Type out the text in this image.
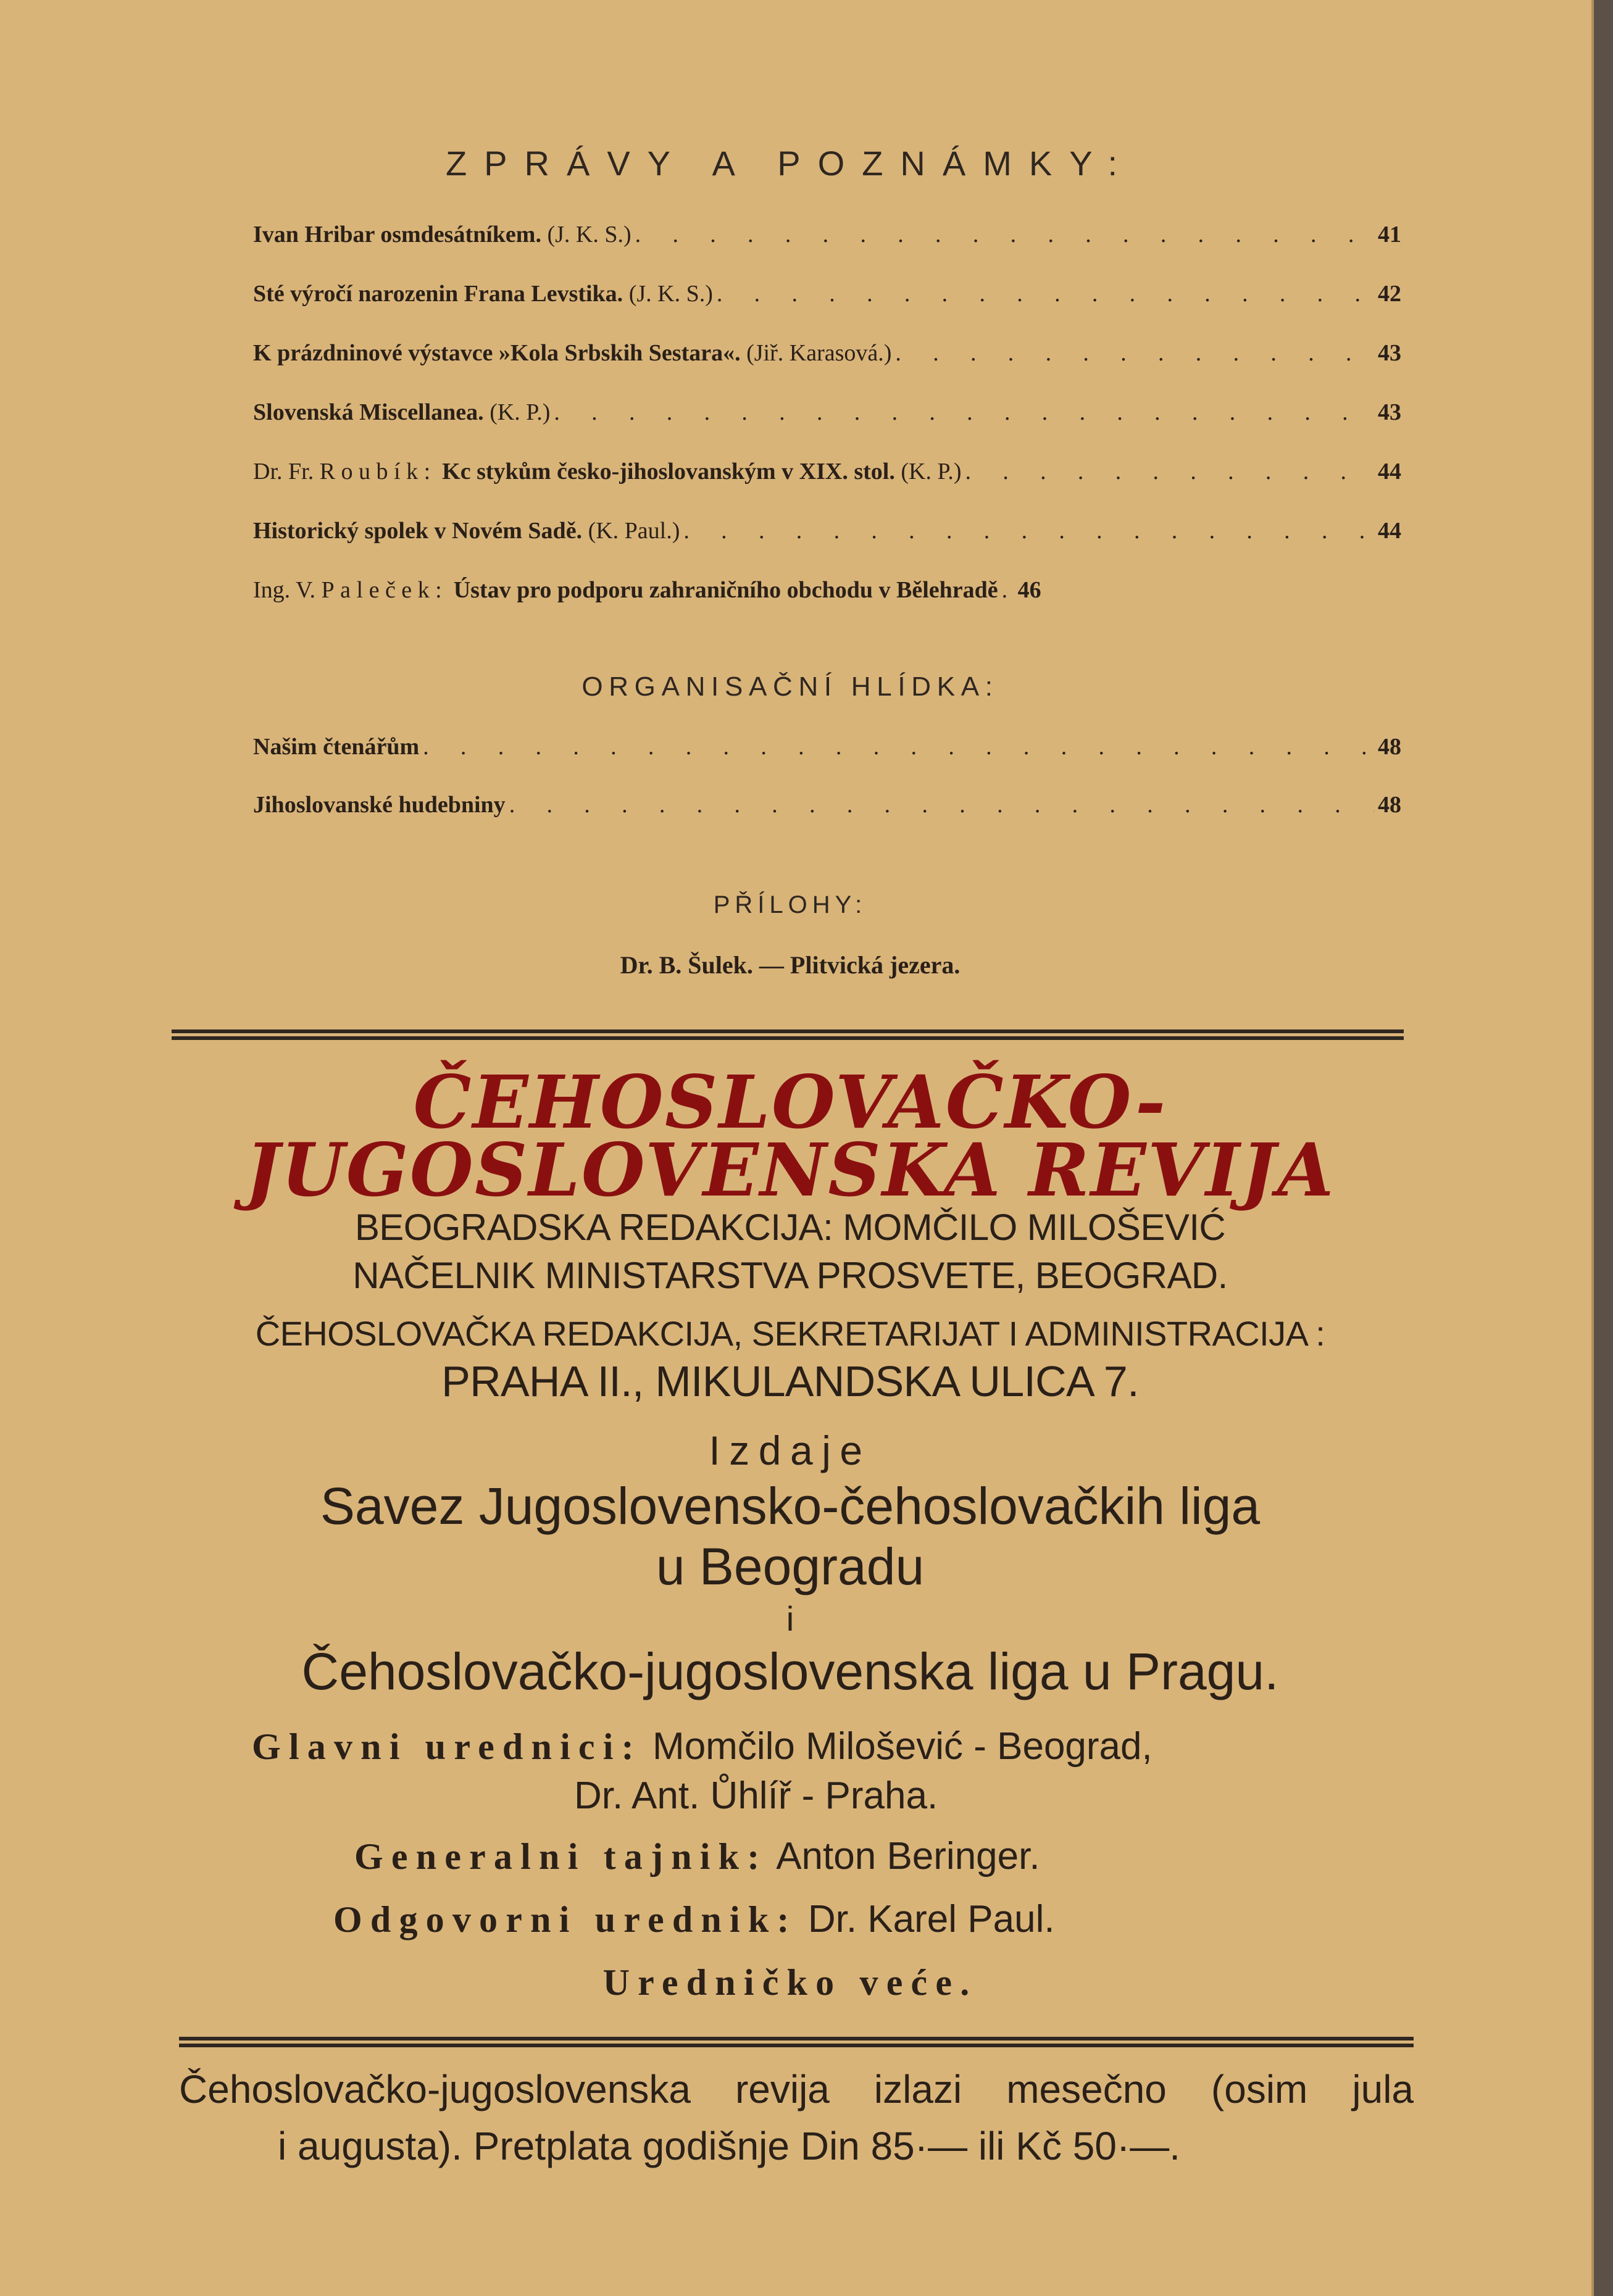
ZPRÁVY A POZNÁMKY:
Ivan Hribar osmdesátníkem. (J. K. S.) . . .	41
Sté výročí narozenin Frana Levstika. (J. K. S.) . . .	42
K prázdninové výstavce »Kola Srbskih Sestara«. (Jiř. Karasová.) . . .	43
Slovenská Miscellanea. (K. P.) . . .	43
Dr. Fr. Roubík: Kc stykům česko-jihoslovanským v XIX. stol. (K. P.) . . .	44
Historický spolek v Novém Sadě. (K. Paul.) . . .	44
Ing. V. Paleček: Ústav pro podporu zahraničního obchodu v Bělehradě . . . 46
ORGANISAČNÍ HLÍDKA:
Našim čtenářům . . .	48
Jihoslovanské hudebniny . . .	48
PŘÍLOHY:
Dr. B. Šulek. — Plitvická jezera.
ČEHOSLOVAČKO-
JUGOSLOVENSKA REVIJA
BEOGRADSKA REDAKCIJA: MOMČILO MILOŠEVIĆ
NAČELNIK MINISTARSTVA PROSVETE, BEOGRAD.
ČEHOSLOVAČKA REDAKCIJA, SEKRETARIJAT I ADMINISTRACIJA :
PRAHA II., MIKULANDSKA ULICA 7.
Izdaje
Savez Jugoslovensko-čehoslovačkih liga
u Beogradu
i
Čehoslovačko-jugoslovenska liga u Pragu.
Glavni urednici: Momčilo Milošević - Beograd,
Dr. Ant. Ůhlíř - Praha.
Generalni tajnik: Anton Beringer.
Odgovorni urednik: Dr. Karel Paul.
Uredničko veće.
Čehoslovačko-jugoslovenska revija izlazi mesečno (osim jula
i augusta). Pretplata godišnje Din 85·— ili Kč 50·—.
